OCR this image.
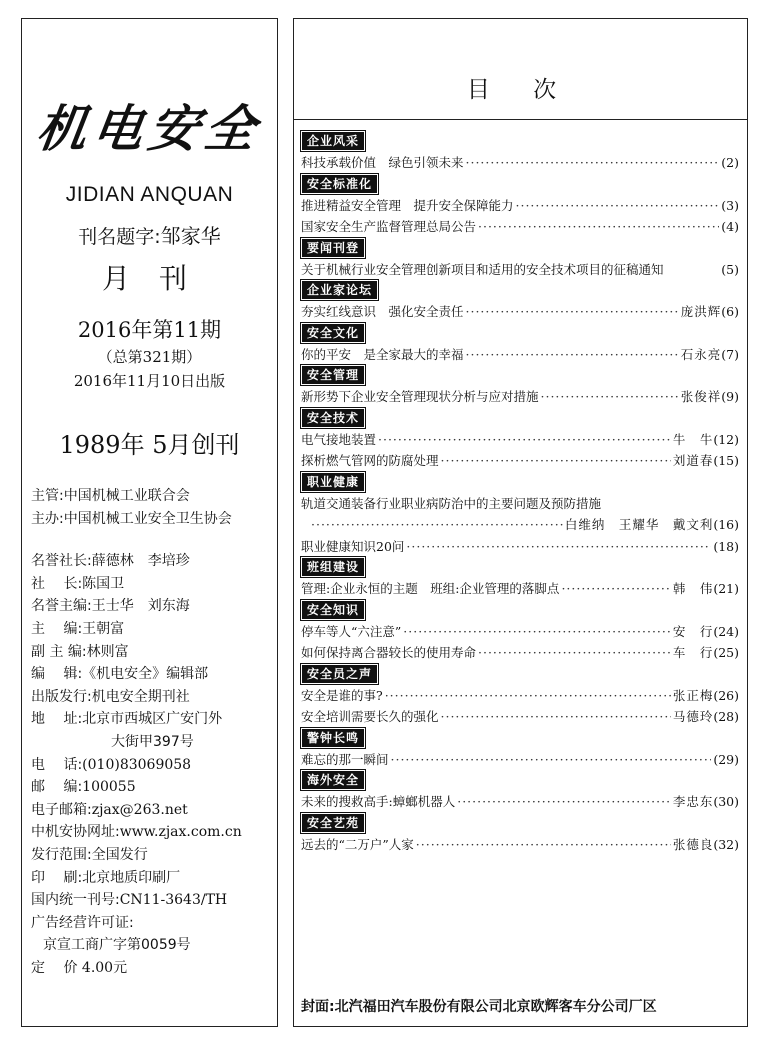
机电安全
JIDIAN ANQUAN
刊名题字:邹家华
月 刊
2016年第11期
（总第321期）
2016年11月10日出版
1989年 5月创刊
主管:中国机械工业联合会
主办:中国机械工业安全卫生协会
名誉社长:薛德林　李培珍
社　 长:陈国卫
名誉主编:王士华　刘东海
主　 编:王朝富
副 主 编:林则富
编　 辑:《机电安全》编辑部
出版发行:机电安全期刊社
地　 址:北京市西城区广安门外
大街甲397号
电　 话:(010)83069058
邮　 编:100055
电子邮箱:zjax@263.net
中机安协网址:www.zjax.com.cn
发行范围:全国发行
印　 刷:北京地质印刷厂
国内统一刊号:CN11-3643/TH
广告经营许可证:
京宣工商广字第0059号
定　 价 4.00元
目 次
企业风采
科技承载价值　绿色引领未来 ·····	(2)
安全标准化
推进精益安全管理　提升安全保障能力 ·····	(3)
国家安全生产监督管理总局公告 ·····	(4)
要闻刊登
关于机械行业安全管理创新项目和适用的安全技术项目的征稿通知	(5)
企业家论坛
夯实红线意识　强化安全责任 ·····	庞洪辉(6)
安全文化
你的平安　是全家最大的幸福 ·····	石永亮(7)
安全管理
新形势下企业安全管理现状分析与应对措施 ·····	张俊祥(9)
安全技术
电气接地装置 ·····	牛　牛(12)
探析燃气管网的防腐处理 ·····	刘道春(15)
职业健康
轨道交通装备行业职业病防治中的主要问题及预防措施
·····
白维纳　王耀华　戴文利(16)
职业健康知识20问 ·····	(18)
班组建设
管理:企业永恒的主题　班组:企业管理的落脚点 ·····	韩　伟(21)
安全知识
停车等人“六注意” ·····	安　行(24)
如何保持离合器较长的使用寿命 ·····	车　行(25)
安全员之声
安全是谁的事? ·····	张正梅(26)
安全培训需要长久的强化 ·····	马德玲(28)
警钟长鸣
难忘的那一瞬间 ·····	(29)
海外安全
未来的搜救高手:蟑螂机器人 ·····	李忠东(30)
安全艺苑
远去的“二万户”人家 ·····	张德良(32)
封面:北汽福田汽车股份有限公司北京欧辉客车分公司厂区
